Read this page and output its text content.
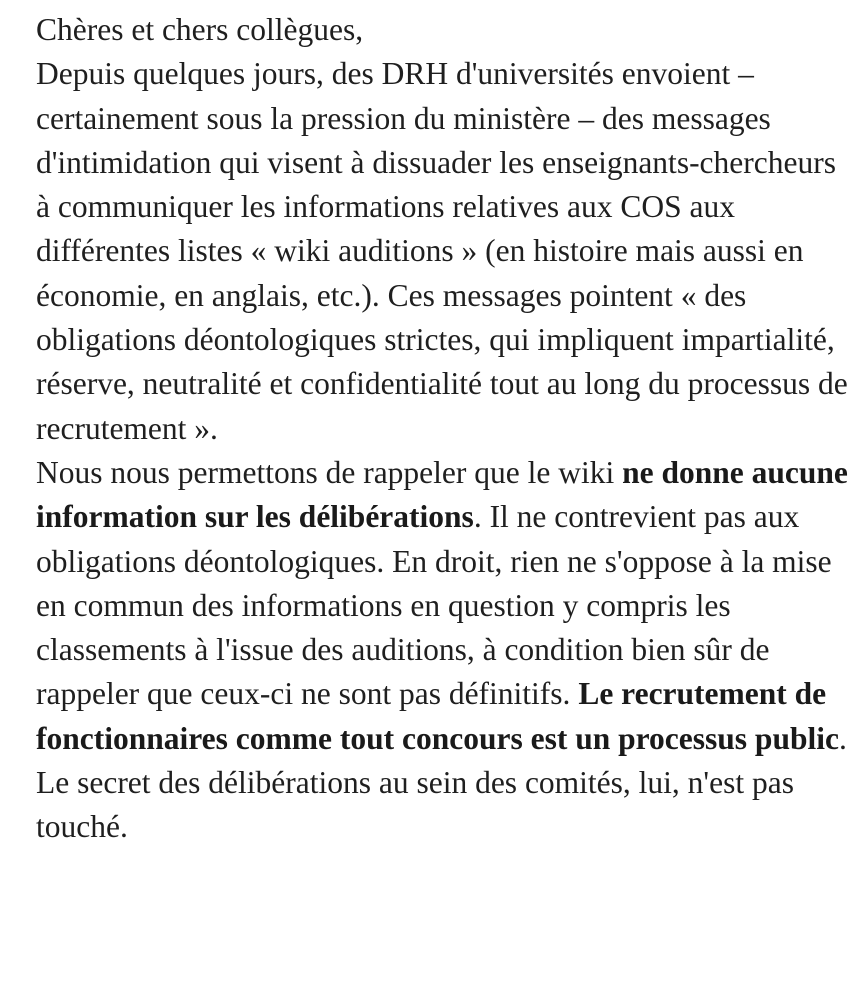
Chères et chers collègues,

Depuis quelques jours, des DRH d'universités envoient – certainement sous la pression du ministère – des messages d'intimidation qui visent à dissuader les enseignants-chercheurs à communiquer les informations relatives aux COS aux différentes listes « wiki auditions » (en histoire mais aussi en économie, en anglais, etc.). Ces messages pointent « des obligations déontologiques strictes, qui impliquent impartialité, réserve, neutralité et confidentialité tout au long du processus de recrutement ».

Nous nous permettons de rappeler que le wiki ne donne aucune information sur les délibérations. Il ne contrevient pas aux obligations déontologiques. En droit, rien ne s'oppose à la mise en commun des informations en question y compris les classements à l'issue des auditions, à condition bien sûr de rappeler que ceux-ci ne sont pas définitifs. Le recrutement de fonctionnaires comme tout concours est un processus public. Le secret des délibérations au sein des comités, lui, n'est pas touché.
